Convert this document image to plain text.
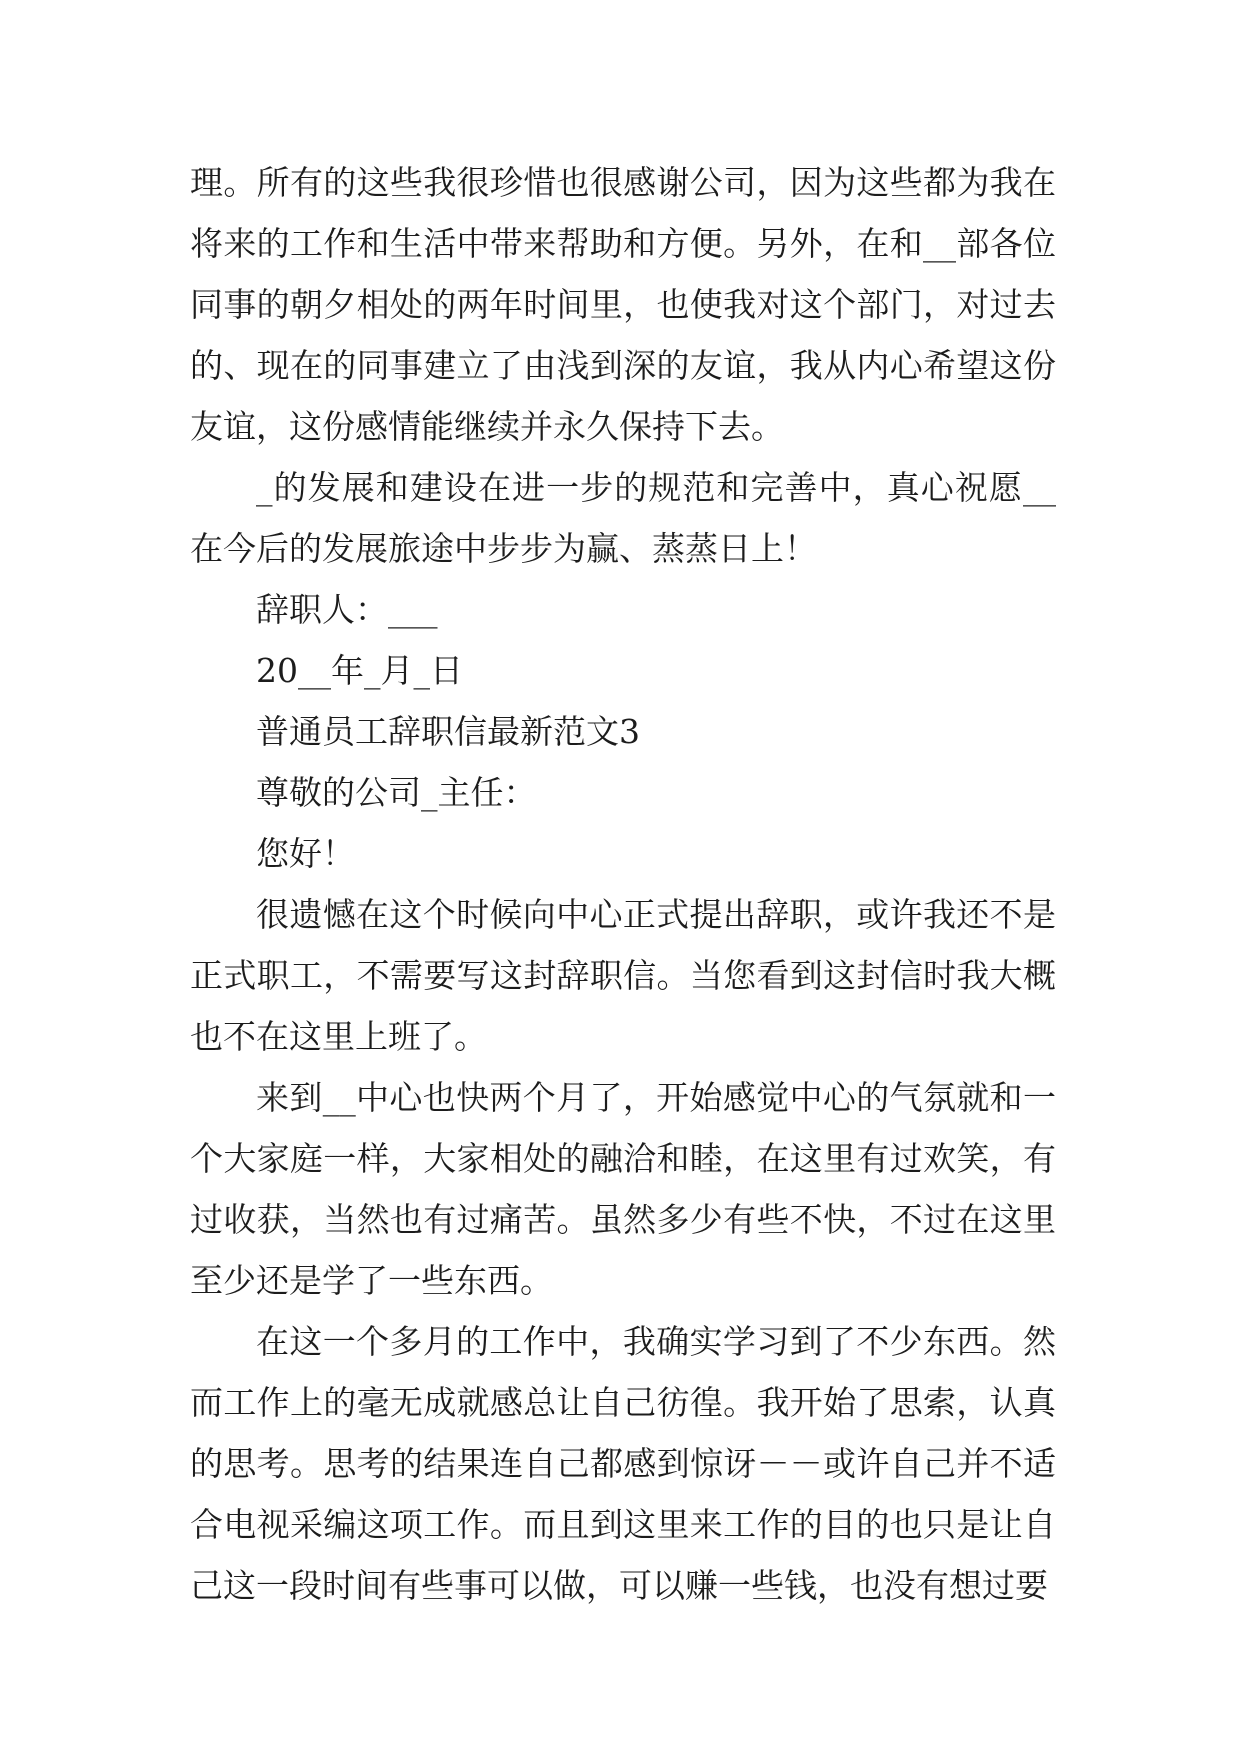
理。所有的这些我很珍惜也很感谢公司，因为这些都为我在将来的工作和生活中带来帮助和方便。另外，在和__部各位同事的朝夕相处的两年时间里，也使我对这个部门，对过去的、现在的同事建立了由浅到深的友谊，我从内心希望这份友谊，这份感情能继续并永久保持下去。

_的发展和建设在进一步的规范和完善中，真心祝愿__在今后的发展旅途中步步为赢、蒸蒸日上！

辞职人：___

20__年_月_日

普通员工辞职信最新范文3

尊敬的公司_主任：

您好！

很遗憾在这个时候向中心正式提出辞职，或许我还不是正式职工，不需要写这封辞职信。当您看到这封信时我大概也不在这里上班了。

来到__中心也快两个月了，开始感觉中心的气氛就和一个大家庭一样，大家相处的融洽和睦，在这里有过欢笑，有过收获，当然也有过痛苦。虽然多少有些不快，不过在这里至少还是学了一些东西。

在这一个多月的工作中，我确实学习到了不少东西。然而工作上的毫无成就感总让自己彷徨。我开始了思索，认真的思考。思考的结果连自己都感到惊讶－－或许自己并不适合电视采编这项工作。而且到这里来工作的目的也只是让自己这一段时间有些事可以做，可以赚一些钱，也没有想过要
